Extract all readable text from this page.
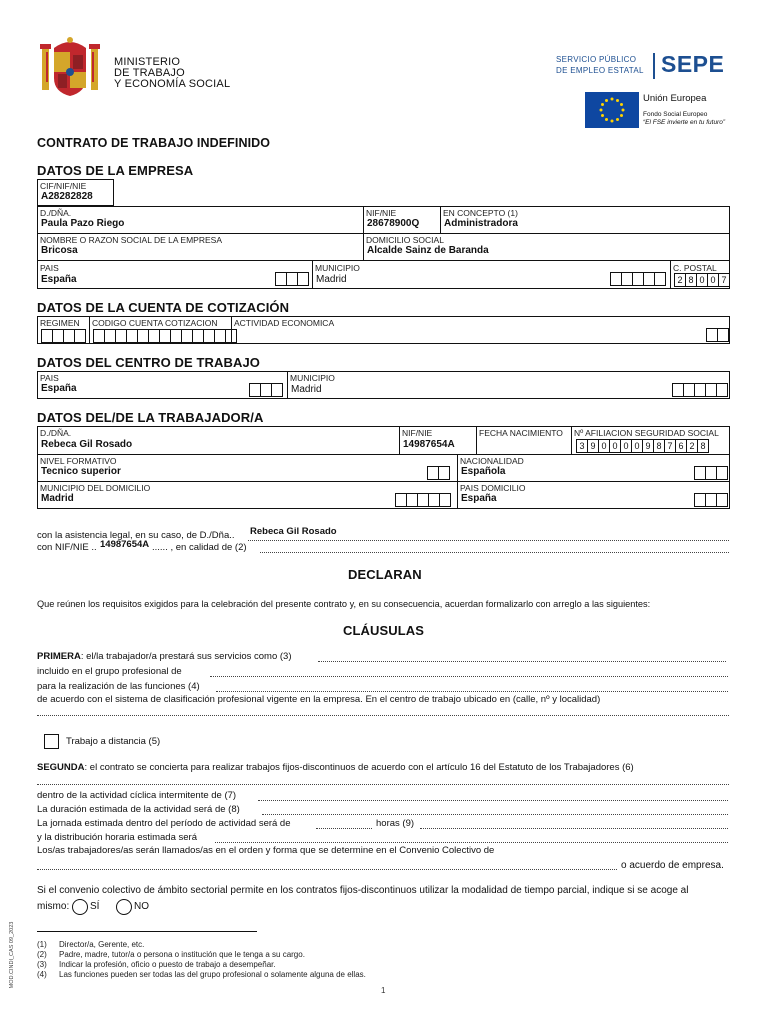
MINISTERIO
DE TRABAJO
Y ECONOMÍA SOCIAL
SERVICIO PÚBLICO
DE EMPLEO ESTATAL SEPE
Unión Europea
Fondo Social Europeo
“El FSE invierte en tu futuro”
CONTRATO DE TRABAJO INDEFINIDO
DATOS DE LA EMPRESA
CIF/NIF/NIE
A28282828
D./DÑA.
Paula Pazo Riego
NIF/NIE
28678900Q
EN CONCEPTO (1)
Administradora
NOMBRE O RAZON SOCIAL DE LA EMPRESA
Bricosa
DOMICILIO SOCIAL
Alcalde Sainz de Baranda
PAIS
España
MUNICIPIO
Madrid
C. POSTAL
2 8 0 0 7
DATOS DE LA CUENTA DE COTIZACIÓN
REGIMEN CODIGO CUENTA COTIZACION ACTIVIDAD ECONOMICA
DATOS DEL CENTRO DE TRABAJO
PAIS
España
MUNICIPIO
Madrid
DATOS DEL/DE LA TRABAJADOR/A
D./DÑA.
Rebeca Gil Rosado
NIF/NIE
14987654A
FECHA NACIMIENTO Nº AFILIACION SEGURIDAD SOCIAL
3 9 0 0 0 0 9 8 7 6 2 8
NIVEL FORMATIVO
Tecnico superior
NACIONALIDAD
Española
MUNICIPIO DEL DOMICILIO
Madrid
PAIS DOMICILIO
España
con la asistencia legal, en su caso, de D./Dña.. Rebeca Gil Rosado
con NIF/NIE .. 14987654A ...... , en calidad de (2)
DECLARAN
Que reúnen los requisitos exigidos para la celebración del presente contrato y, en su consecuencia, acuerdan formalizarlo con arreglo a las siguientes:
CLÁUSULAS
PRIMERA: el/la trabajador/a prestará sus servicios como (3)
incluido en el grupo profesional de
para la realización de las funciones (4)
de acuerdo con el sistema de clasificación profesional vigente en la empresa. En el centro de trabajo ubicado en (calle, nº y localidad)
Trabajo a distancia (5)
SEGUNDA: el contrato se concierta para realizar trabajos fijos-discontinuos de acuerdo con el artículo 16 del Estatuto de los Trabajadores (6)
dentro de la actividad cíclica intermitente de (7)
La duración estimada de la actividad será de (8)
La jornada estimada dentro del período de actividad será de	horas (9)
y la distribución horaria estimada será
Los/as trabajadores/as serán llamados/as en el orden y forma que se determine en el Convenio Colectivo de
o acuerdo de empresa.
Si el convenio colectivo de ámbito sectorial permite en los contratos fijos-discontinuos utilizar la modalidad de tiempo parcial, indique si se acoge al
mismo: SÍ	NO
(1) Director/a, Gerente, etc.
(2) Padre, madre, tutor/a o persona o institución que le tenga a su cargo.
(3) Indicar la profesión, oficio o puesto de trabajo a desempeñar.
(4) Las funciones pueden ser todas las del grupo profesional o solamente alguna de ellas.
MOD.CINDI_CAS 09_2023
1
